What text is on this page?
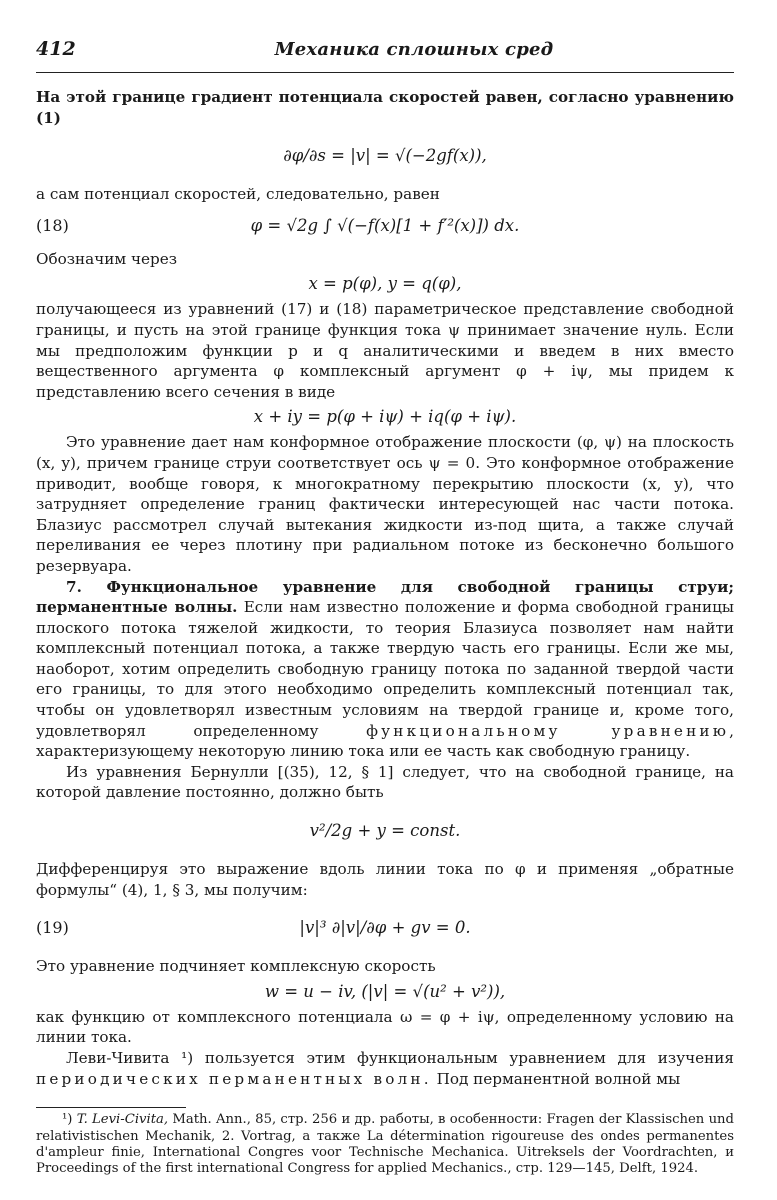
412	Механика сплошных сред

На этой границе градиент потенциала скоростей равен, согласно уравнению (1)

∂φ/∂s = |v| = √(−2gf(x)),

а сам потенциал скоростей, следовательно, равен

(18)	φ = √2g ∫ √(−f(x)[1 + f′²(x)]) dx.

Обозначим через

x = p(φ), y = q(φ),

получающееся из уравнений (17) и (18) параметрическое представление свободной границы, и пусть на этой границе функция тока ψ принимает значение нуль. Если мы предположим функции p и q аналитическими и введем в них вместо вещественного аргумента φ комплексный аргумент φ + iψ, мы придем к представлению всего сечения в виде

x + iy = p(φ + iψ) + iq(φ + iψ).

Это уравнение дает нам конформное отображение плоскости (φ, ψ) на плоскость (x, y), причем границе струи соответствует ось ψ = 0. Это конформное отображение приводит, вообще говоря, к многократному перекрытию плоскости (x, y), что затрудняет определение границ фактически интересующей нас части потока. Блазиус рассмотрел случай вытекания жидкости из-под щита, а также случай переливания ее через плотину при радиальном потоке из бесконечно большого резервуара.

7. Функциональное уравнение для свободной границы струи; перманентные волны. Если нам известно положение и форма свободной границы плоского потока тяжелой жидкости, то теория Блазиуса позволяет нам найти комплексный потенциал потока, а также твердую часть его границы. Если же мы, наоборот, хотим определить свободную границу потока по заданной твердой части его границы, то для этого необходимо определить комплексный потенциал так, чтобы он удовлетворял известным условиям на твердой границе и, кроме того, удовлетворял определенному функциональному уравнению, характеризующему некоторую линию тока или ее часть как свободную границу.

Из уравнения Бернулли [(35), 12, § 1] следует, что на свободной границе, на которой давление постоянно, должно быть

v²/2g + y = const.

Дифференцируя это выражение вдоль линии тока по φ и применяя „обратные формулы“ (4), 1, § 3, мы получим:

(19)	|v|³ ∂|v|/∂φ + gv = 0.

Это уравнение подчиняет комплексную скорость

w = u − iv, (|v| = √(u² + v²)),

как функцию от комплексного потенциала ω = φ + iψ, определенному условию на линии тока.

Леви-Чивита ¹) пользуется этим функциональным уравнением для изучения периодических перманентных волн. Под перманентной волной мы

¹) T. Levi-Civita, Math. Ann., 85, стр. 256 и др. работы, в особенности: Fragen der Klassischen und relativistischen Mechanik, 2. Vortrag, а также La détermination rigoureuse des ondes permanentes d'ampleur finie, International Congres voor Technische Mechanica. Uitreksels der Voordrachten, и Proceedings of the first international Congress for applied Mechanics., стр. 129—145, Delft, 1924.
